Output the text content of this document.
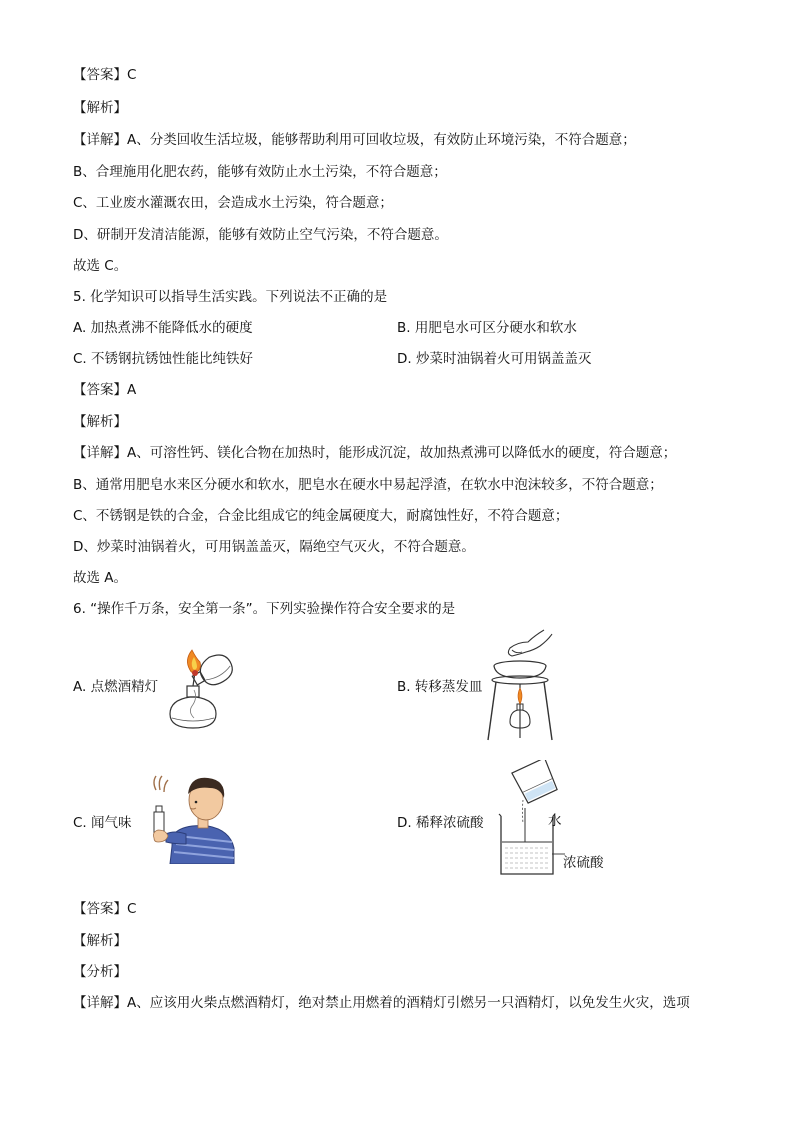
【答案】C
【解析】
【详解】A、分类回收生活垃圾，能够帮助利用可回收垃圾，有效防止环境污染，不符合题意；
B、合理施用化肥农药，能够有效防止水土污染，不符合题意；
C、工业废水灌溉农田，会造成水土污染，符合题意；
D、研制开发清洁能源，能够有效防止空气污染，不符合题意。
故选 C。
5. 化学知识可以指导生活实践。下列说法不正确的是
A. 加热煮沸不能降低水的硬度	B. 用肥皂水可区分硬水和软水
C. 不锈钢抗锈蚀性能比纯铁好	D. 炒菜时油锅着火可用锅盖盖灭
【答案】A
【解析】
【详解】A、可溶性钙、镁化合物在加热时，能形成沉淀，故加热煮沸可以降低水的硬度，符合题意；
B、通常用肥皂水来区分硬水和软水，肥皂水在硬水中易起浮渣，在软水中泡沫较多，不符合题意；
C、不锈钢是铁的合金，合金比组成它的纯金属硬度大，耐腐蚀性好，不符合题意；
D、炒菜时油锅着火，可用锅盖盖灭，隔绝空气灭火，不符合题意。
故选 A。
6. “操作千万条，安全第一条”。下列实验操作符合安全要求的是
A. 点燃酒精灯	B. 转移蒸发皿
C. 闻气味	D. 稀释浓硫酸	水
浓硫酸
【答案】C
【解析】
【分析】
【详解】A、应该用火柴点燃酒精灯，绝对禁止用燃着的酒精灯引燃另一只酒精灯，以免发生火灾，选项
